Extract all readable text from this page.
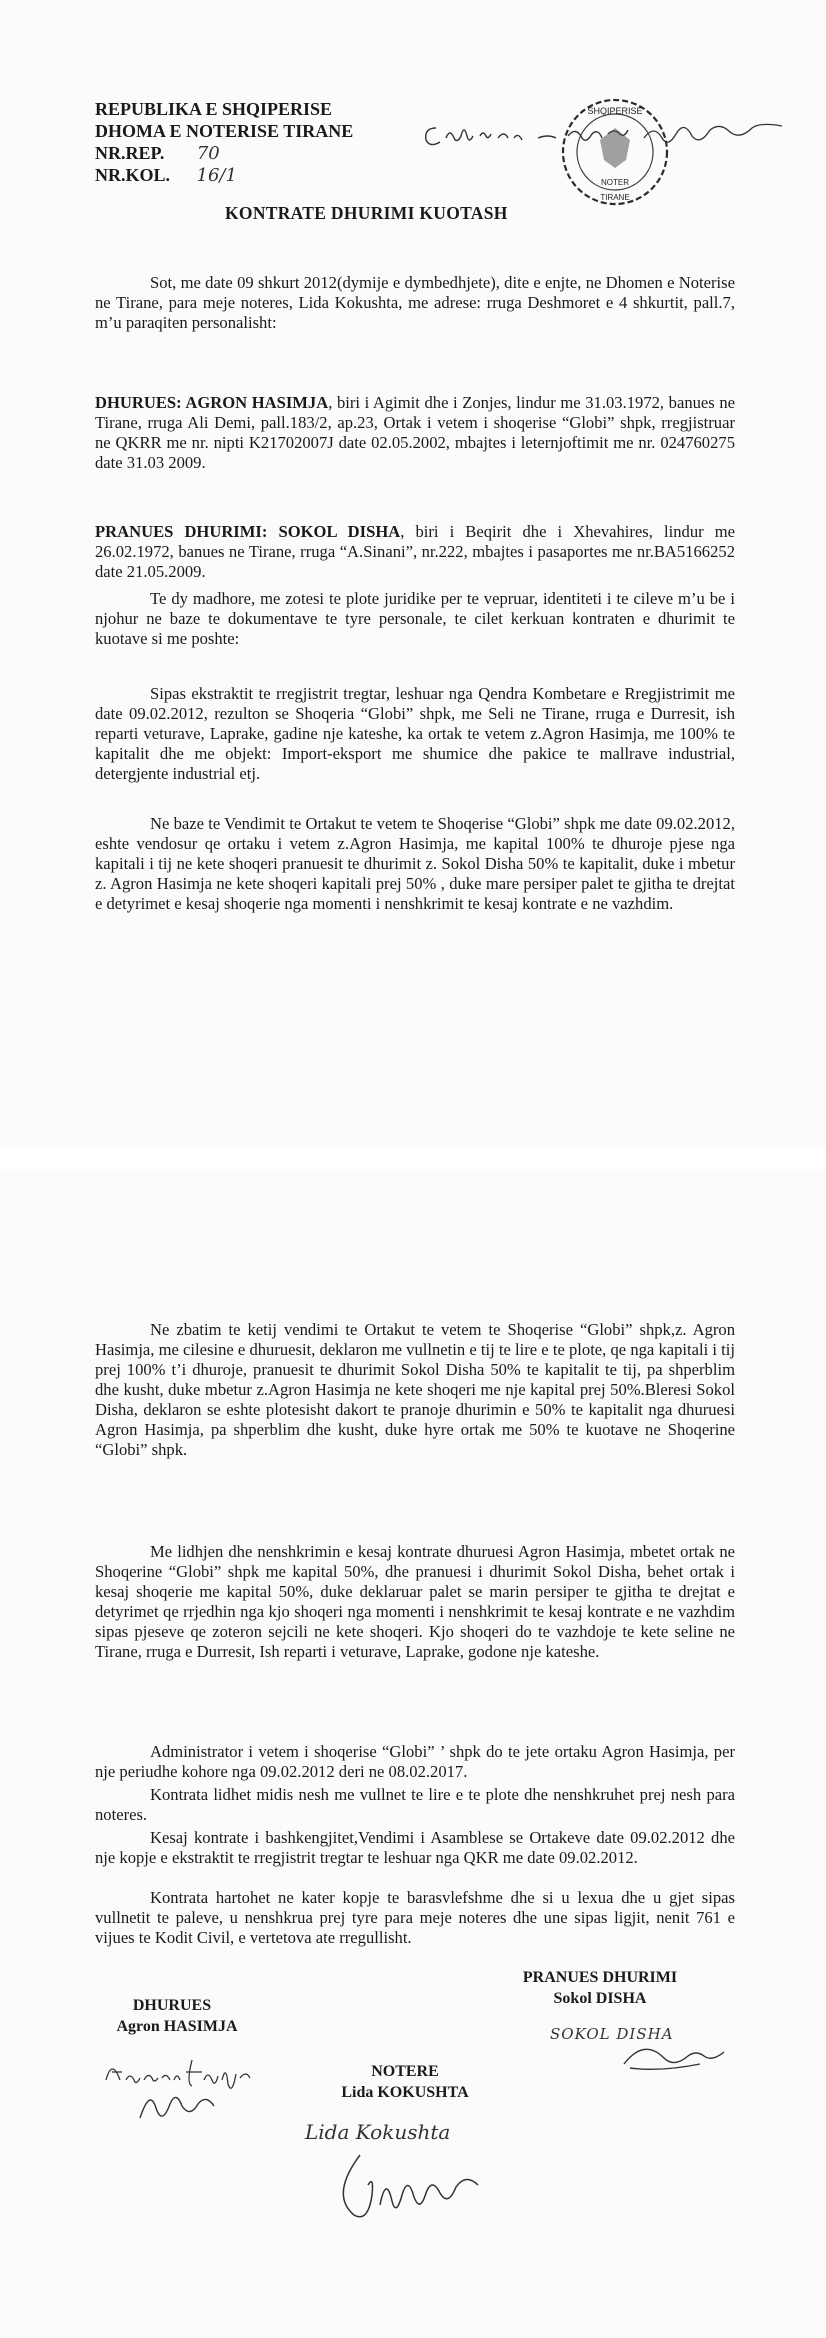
REPUBLIKA E SHQIPERISE

DHOMA E NOTERISE TIRANE

NR.REP. 70

NR.KOL. 16/1

SHQIPERISE
NOTER
TIRANE

KONTRATE DHURIMI KUOTASH

Sot, me date 09 shkurt 2012(dymije e dymbedhjete), dite e enjte, ne Dhomen e Noterise ne Tirane, para meje noteres, Lida Kokushta, me adrese: rruga Deshmoret e 4 shkurtit, pall.7, m’u paraqiten personalisht:

DHURUES: AGRON HASIMJA, biri i Agimit dhe i Zonjes, lindur me 31.03.1972, banues ne Tirane, rruga Ali Demi, pall.183/2, ap.23, Ortak i vetem i shoqerise “Globi” shpk, rregjistruar ne QKRR me nr. nipti K21702007J date 02.05.2002, mbajtes i leternjoftimit me nr. 024760275 date 31.03 2009.

PRANUES DHURIMI: SOKOL DISHA, biri i Beqirit dhe i Xhevahires, lindur me 26.02.1972, banues ne Tirane, rruga “A.Sinani”, nr.222, mbajtes i pasaportes me nr.BA5166252 date 21.05.2009.

Te dy madhore, me zotesi te plote juridike per te vepruar, identiteti i te cileve m’u be i njohur ne baze te dokumentave te tyre personale, te cilet kerkuan kontraten e dhurimit te kuotave si me poshte:

Sipas ekstraktit te rregjistrit tregtar, leshuar nga Qendra Kombetare e Rregjistrimit me date 09.02.2012, rezulton se Shoqeria “Globi” shpk, me Seli ne Tirane, rruga e Durresit, ish reparti veturave, Laprake, gadine nje kateshe, ka ortak te vetem z.Agron Hasimja, me 100% te kapitalit dhe me objekt: Import-eksport me shumice dhe pakice te mallrave industrial, detergjente industrial etj.

Ne baze te Vendimit te Ortakut te vetem te Shoqerise “Globi” shpk me date 09.02.2012, eshte vendosur qe ortaku i vetem z.Agron Hasimja, me kapital 100% te dhuroje pjese nga kapitali i tij ne kete shoqeri pranuesit te dhurimit z. Sokol Disha 50% te kapitalit, duke i mbetur z. Agron Hasimja ne kete shoqeri kapitali prej 50% , duke mare persiper palet te gjitha te drejtat e detyrimet e kesaj shoqerie nga momenti i nenshkrimit te kesaj kontrate e ne vazhdim.

Ne zbatim te ketij vendimi te Ortakut te vetem te Shoqerise “Globi” shpk,z. Agron Hasimja, me cilesine e dhuruesit, deklaron me vullnetin e tij te lire e te plote, qe nga kapitali i tij prej 100% t’i dhuroje, pranuesit te dhurimit Sokol Disha 50% te kapitalit te tij, pa shperblim dhe kusht, duke mbetur z.Agron Hasimja ne kete shoqeri me nje kapital prej 50%.Bleresi Sokol Disha, deklaron se eshte plotesisht dakort te pranoje dhurimin e 50% te kapitalit nga dhuruesi Agron Hasimja, pa shperblim dhe kusht, duke hyre ortak me 50% te kuotave ne Shoqerine “Globi” shpk.

Me lidhjen dhe nenshkrimin e kesaj kontrate dhuruesi Agron Hasimja, mbetet ortak ne Shoqerine “Globi” shpk me kapital 50%, dhe pranuesi i dhurimit Sokol Disha, behet ortak i kesaj shoqerie me kapital 50%, duke deklaruar palet se marin persiper te gjitha te drejtat e detyrimet qe rrjedhin nga kjo shoqeri nga momenti i nenshkrimit te kesaj kontrate e ne vazhdim sipas pjeseve qe zoteron sejcili ne kete shoqeri. Kjo shoqeri do te vazhdoje te kete seline ne Tirane, rruga e Durresit, Ish reparti i veturave, Laprake, godone nje kateshe.

Administrator i vetem i shoqerise “Globi” ’ shpk do te jete ortaku Agron Hasimja, per nje periudhe kohore nga 09.02.2012 deri ne 08.02.2017.

Kontrata lidhet midis nesh me vullnet te lire e te plote dhe nenshkruhet prej nesh para noteres.

Kesaj kontrate i bashkengjitet,Vendimi i Asamblese se Ortakeve date 09.02.2012 dhe nje kopje e ekstraktit te rregjistrit tregtar te leshuar nga QKR me date 09.02.2012.

Kontrata hartohet ne kater kopje te barasvlefshme dhe si u lexua dhe u gjet sipas vullnetit te paleve, u nenshkrua prej tyre para meje noteres dhe une sipas ligjit, nenit 761 e vijues te Kodit Civil, e vertetova ate rregullisht.

DHURUES

Agron HASIMJA

PRANUES DHURIMI

Sokol DISHA

SOKOL DISHA

NOTERE

Lida KOKUSHTA

Lida Kokushta
